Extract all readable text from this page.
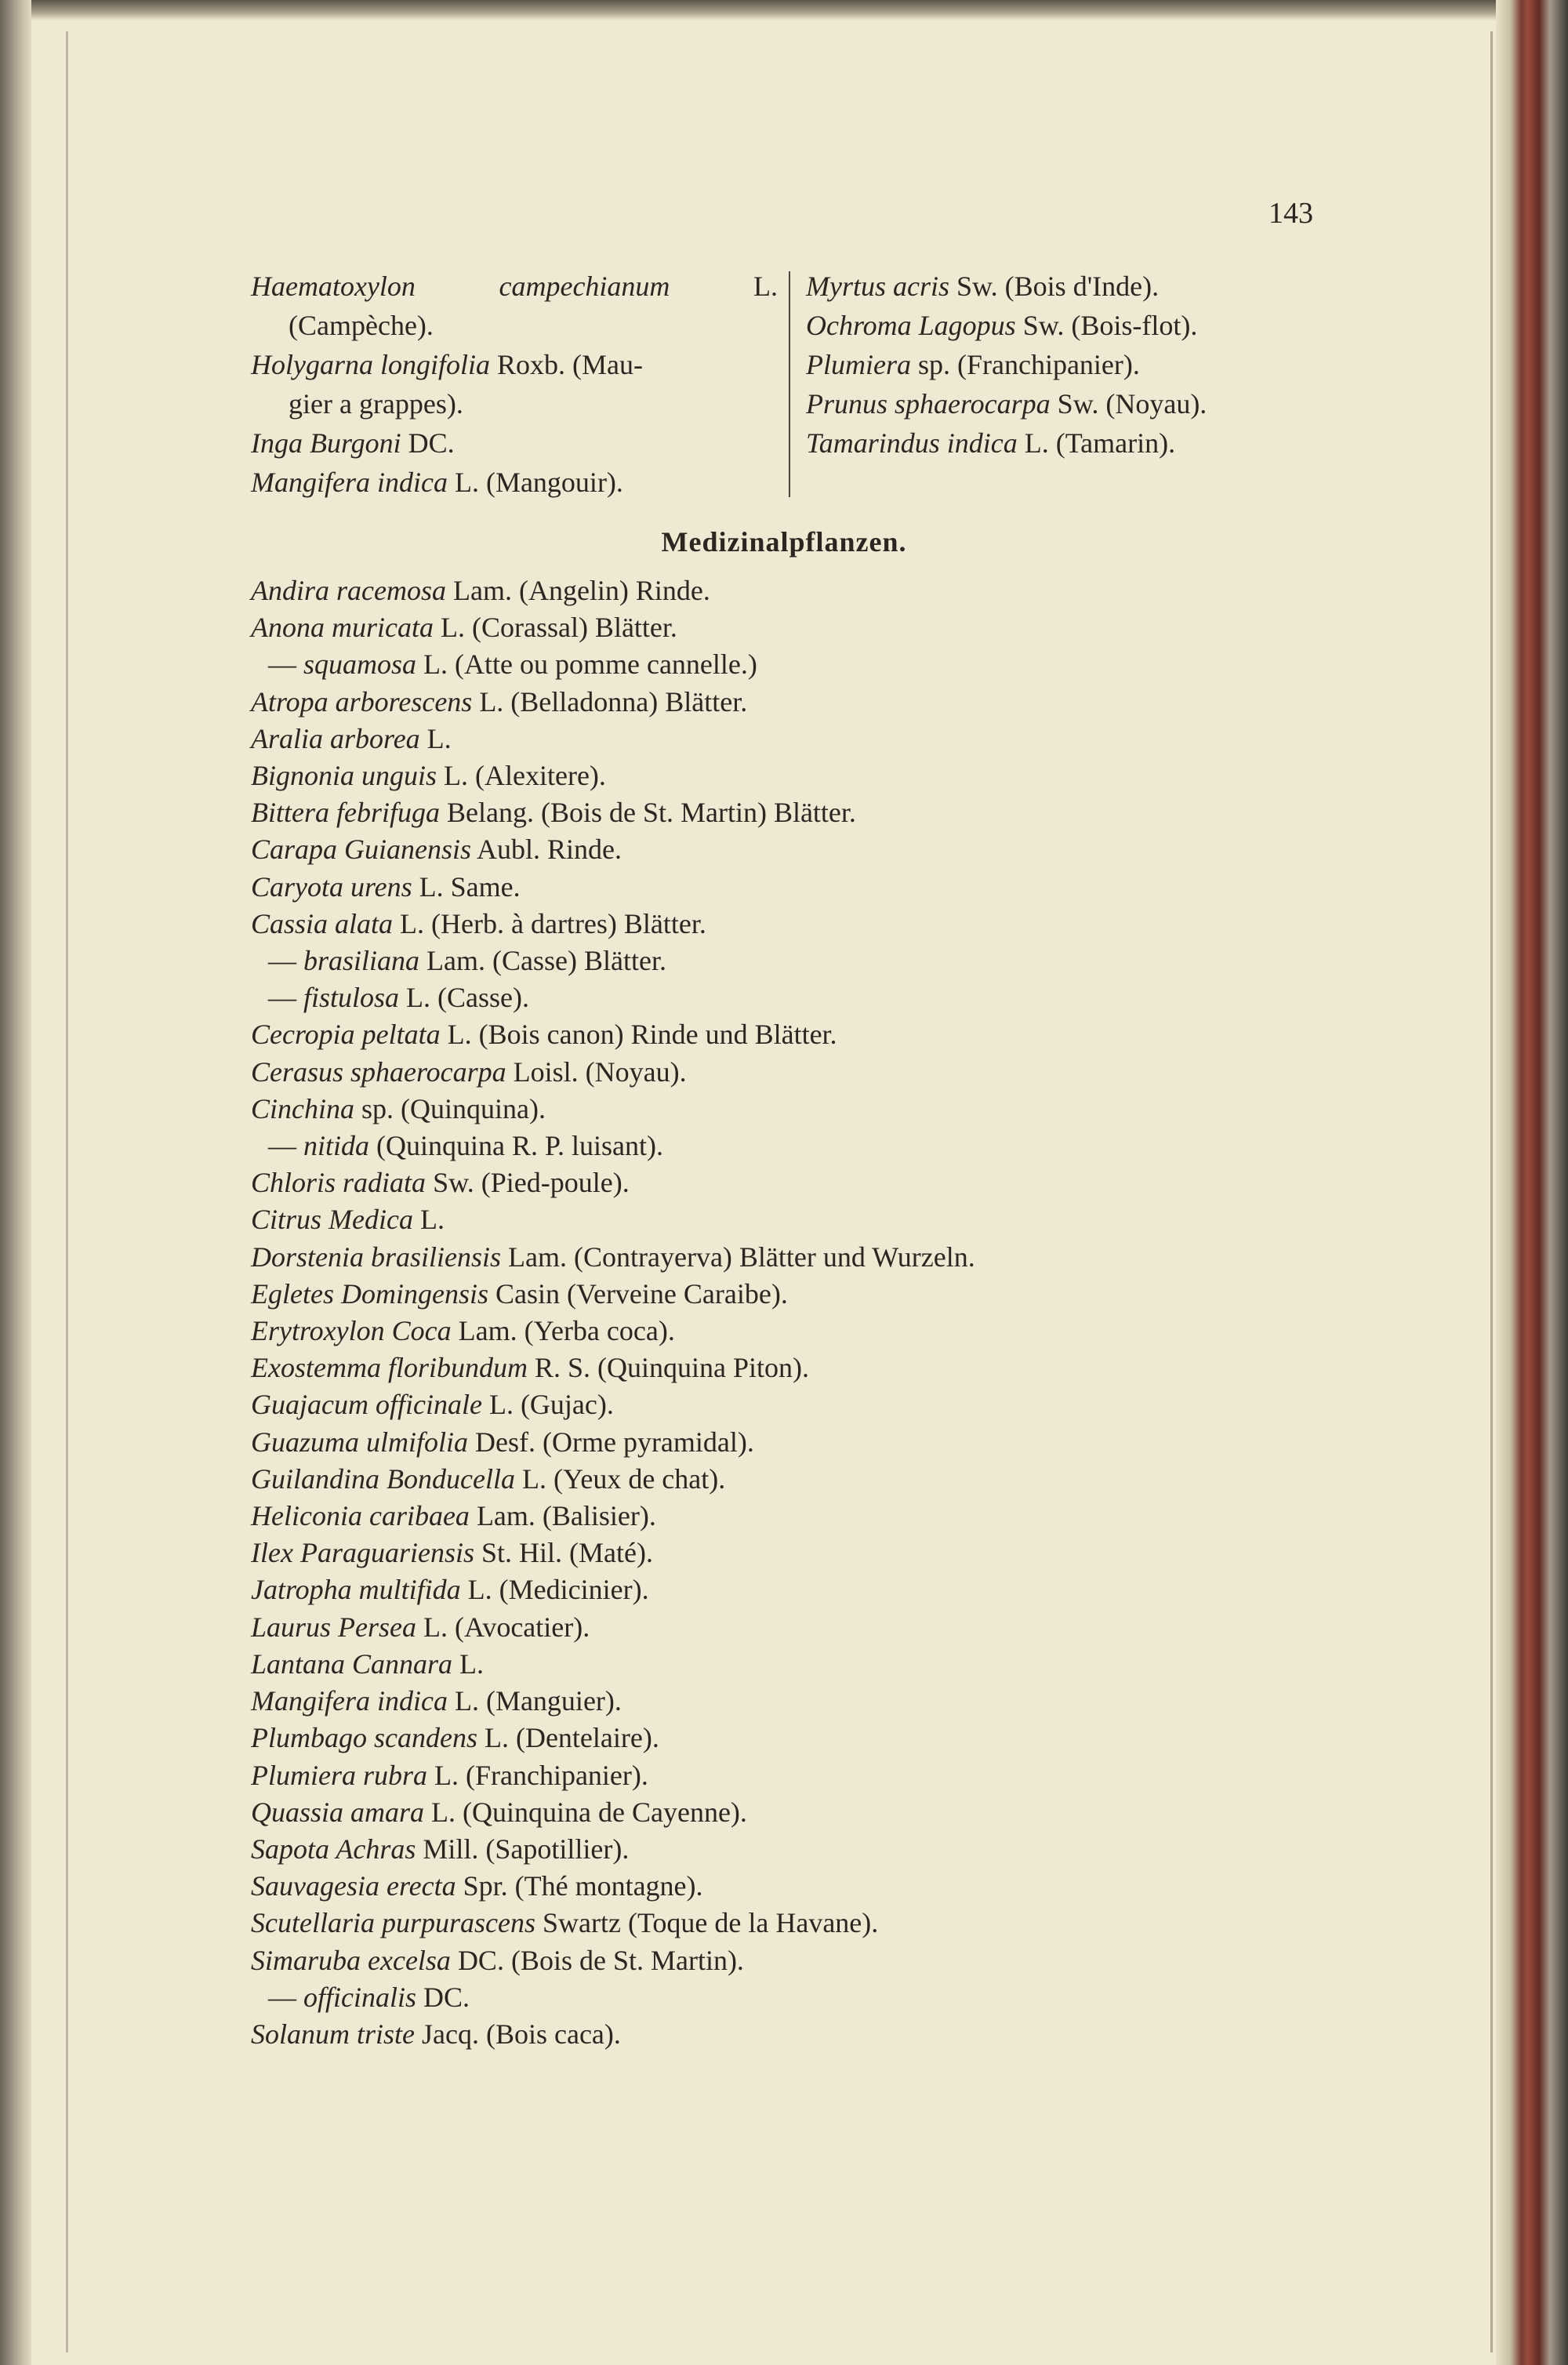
143
Haematoxylon	campechianum	L.
(Campèche).
Holygarna longifolia Roxb. (Mau-
gier a grappes).
Inga Burgoni DC.
Mangifera indica L. (Mangouir).
Myrtus acris Sw. (Bois d'Inde).
Ochroma Lagopus Sw. (Bois-flot).
Plumiera sp. (Franchipanier).
Prunus sphaerocarpa Sw. (Noyau).
Tamarindus indica L. (Tamarin).
Medizinalpflanzen.
Andira racemosa Lam. (Angelin) Rinde.
Anona muricata L. (Corassal) Blätter.
— squamosa L. (Atte ou pomme cannelle.)
Atropa arborescens L. (Belladonna) Blätter.
Aralia arborea L.
Bignonia unguis L. (Alexitere).
Bittera febrifuga Belang. (Bois de St. Martin) Blätter.
Carapa Guianensis Aubl. Rinde.
Caryota urens L. Same.
Cassia alata L. (Herb. à dartres) Blätter.
— brasiliana Lam. (Casse) Blätter.
— fistulosa L. (Casse).
Cecropia peltata L. (Bois canon) Rinde und Blätter.
Cerasus sphaerocarpa Loisl. (Noyau).
Cinchina sp. (Quinquina).
— nitida (Quinquina R. P. luisant).
Chloris radiata Sw. (Pied-poule).
Citrus Medica L.
Dorstenia brasiliensis Lam. (Contrayerva) Blätter und Wurzeln.
Egletes Domingensis Casin (Verveine Caraibe).
Erytroxylon Coca Lam. (Yerba coca).
Exostemma floribundum R. S. (Quinquina Piton).
Guajacum officinale L. (Gujac).
Guazuma ulmifolia Desf. (Orme pyramidal).
Guilandina Bonducella L. (Yeux de chat).
Heliconia caribaea Lam. (Balisier).
Ilex Paraguariensis St. Hil. (Maté).
Jatropha multifida L. (Medicinier).
Laurus Persea L. (Avocatier).
Lantana Cannara L.
Mangifera indica L. (Manguier).
Plumbago scandens L. (Dentelaire).
Plumiera rubra L. (Franchipanier).
Quassia amara L. (Quinquina de Cayenne).
Sapota Achras Mill. (Sapotillier).
Sauvagesia erecta Spr. (Thé montagne).
Scutellaria purpurascens Swartz (Toque de la Havane).
Simaruba excelsa DC. (Bois de St. Martin).
— officinalis DC.
Solanum triste Jacq. (Bois caca).
